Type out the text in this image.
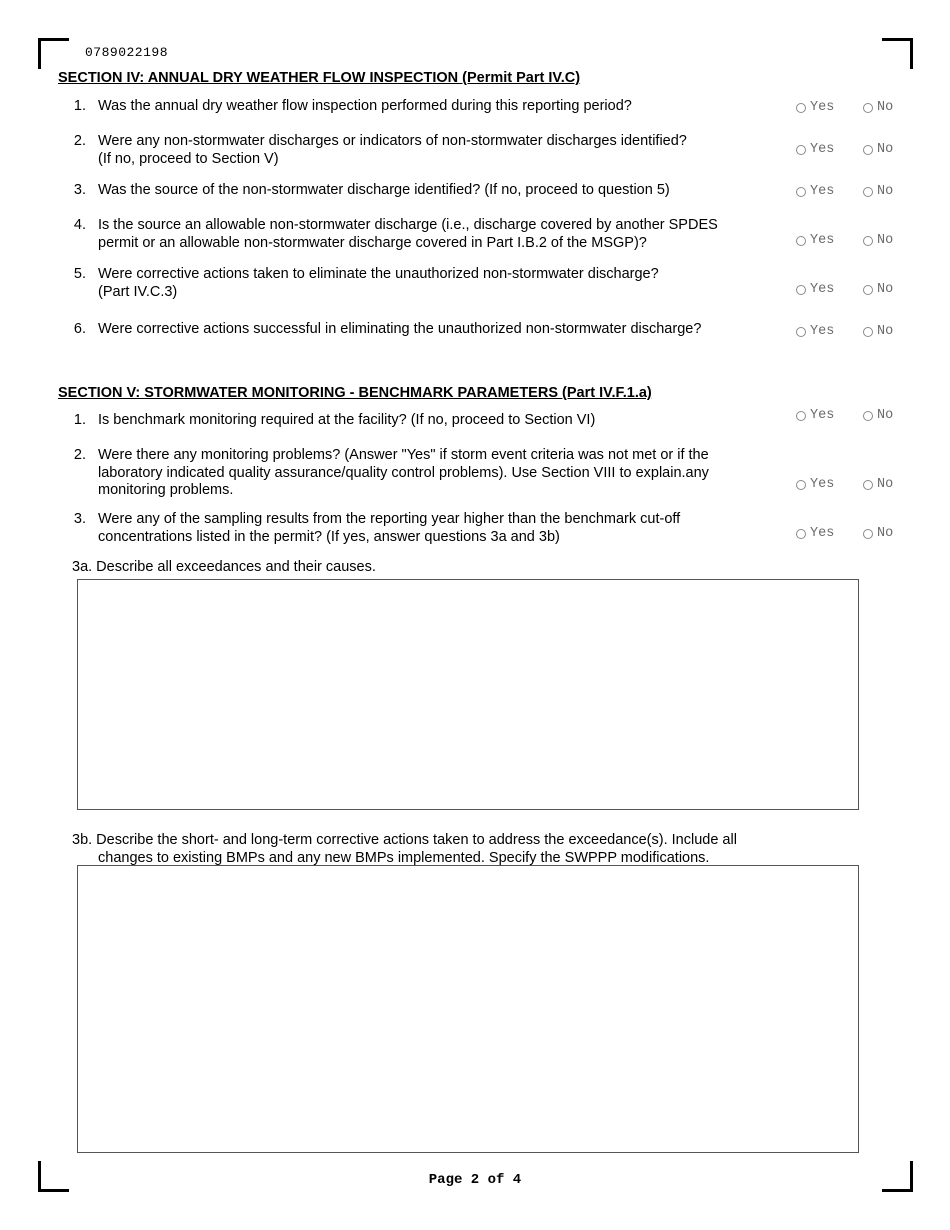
0789022198
SECTION IV: ANNUAL DRY WEATHER FLOW INSPECTION (Permit Part IV.C)
1. Was the annual dry weather flow inspection performed during this reporting period?	Yes	No
2. Were any non-stormwater discharges or indicators of non-stormwater discharges identified?
(If no, proceed to Section V)
Yes	No
3. Was the source of the non-stormwater discharge identified? (If no, proceed to question 5)	Yes	No
4. Is the source an allowable non-stormwater discharge (i.e., discharge covered by another SPDES
permit or an allowable non-stormwater discharge covered in Part I.B.2 of the MSGP)?	Yes	No
5. Were corrective actions taken to eliminate the unauthorized non-stormwater discharge?
(Part IV.C.3)	Yes	No
6. Were corrective actions successful in eliminating the unauthorized non-stormwater discharge?	Yes	No
SECTION V: STORMWATER MONITORING - BENCHMARK PARAMETERS (Part IV.F.1.a)
1. Is benchmark monitoring required at the facility? (If no, proceed to Section VI)	Yes	No
2. Were there any monitoring problems? (Answer "Yes" if storm event criteria was not met or if the
laboratory indicated quality assurance/quality control problems). Use Section VIII to explain.any
monitoring problems.	Yes	No
3. Were any of the sampling results from the reporting year higher than the benchmark cut-off
concentrations listed in the permit? (If yes, answer questions 3a and 3b)	Yes	No
3a. Describe all exceedances and their causes.
3b. Describe the short- and long-term corrective actions taken to address the exceedance(s). Include all
changes to existing BMPs and any new BMPs implemented. Specify the SWPPP modifications.
Page 2 of 4
